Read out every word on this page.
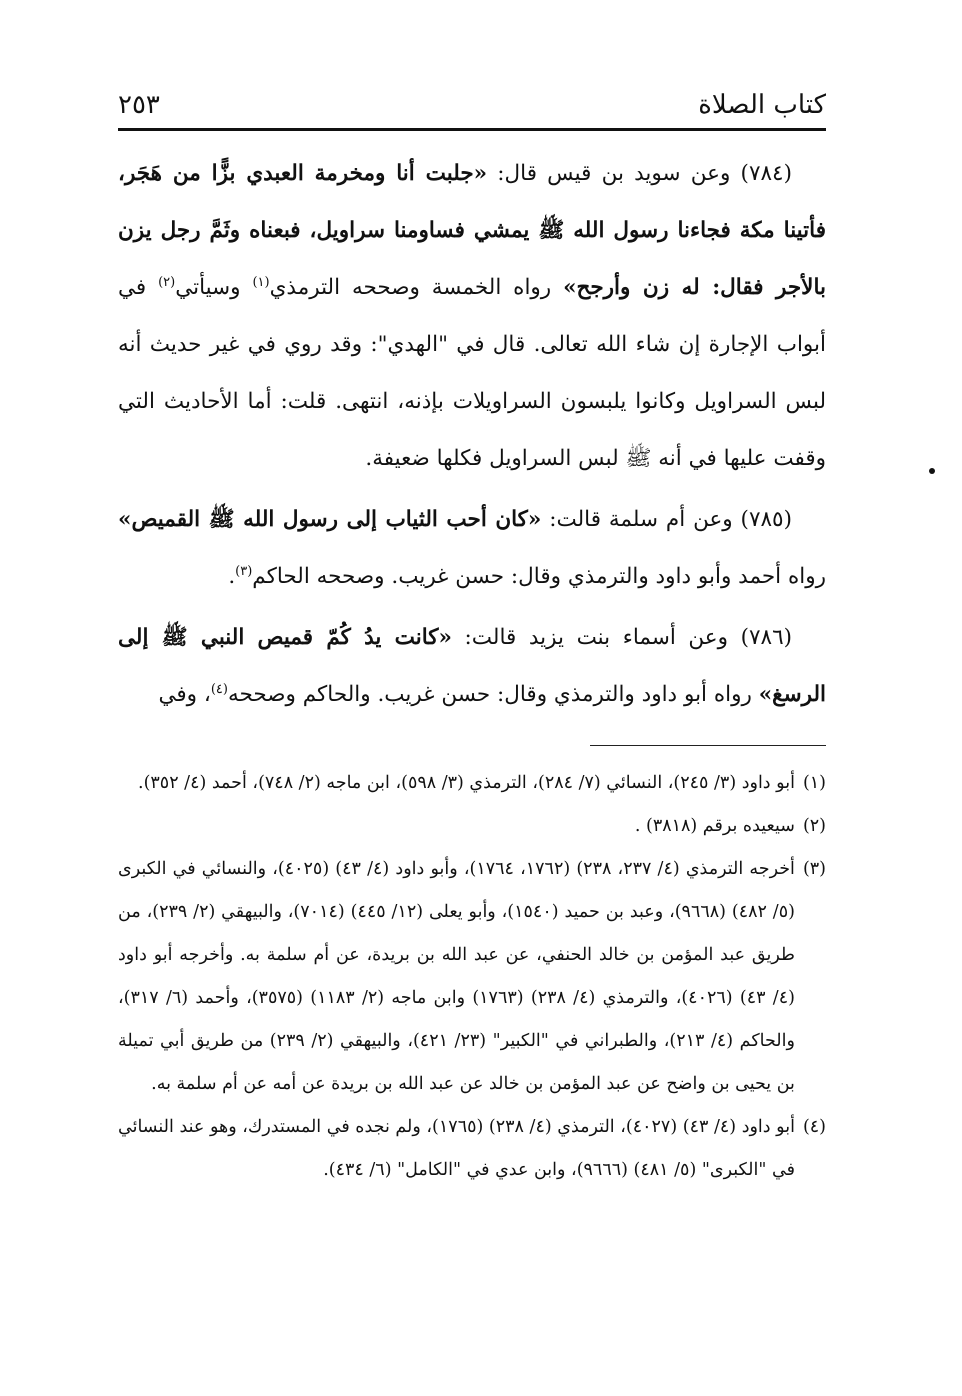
كتاب الصلاة
٢٥٣

(٧٨٤) وعن سويد بن قيس قال: «جلبت أنا ومخرمة العبدي بزًّا من هَجَر، فأتينا مكة فجاءنا رسول الله ﷺ يمشي فساومنا سراويل، فبعناه وثَمَّ رجل يزن بالأجر فقال: له زن وأرجح» رواه الخمسة وصححه الترمذي$^{(١)}$ وسيأتي$^{(٢)}$ في أبواب الإجارة إن شاء الله تعالى. قال في "الهدي": وقد روي في غير حديث أنه لبس السراويل وكانوا يلبسون السراويلات بإذنه، انتهى. قلت: أما الأحاديث التي وقفت عليها في أنه ﷺ لبس السراويل فكلها ضعيفة.

(٧٨٥) وعن أم سلمة قالت: «كان أحب الثياب إلى رسول الله ﷺ القميص» رواه أحمد وأبو داود والترمذي وقال: حسن غريب. وصححه الحاكم$^{(٣)}$.

(٧٨٦) وعن أسماء بنت يزيد قالت: «كانت يدُ كُمّ قميص النبي ﷺ إلى الرسغ» رواه أبو داود والترمذي وقال: حسن غريب. والحاكم وصححه$^{(٤)}$، وفي

(١)
أبو داود (٣/ ٢٤٥)، النسائي (٧/ ٢٨٤)، الترمذي (٣/ ٥٩٨)، ابن ماجه (٢/ ٧٤٨)، أحمد (٤/ ٣٥٢).
(٢)
سيعيده برقم (٣٨١٨) .
(٣)
أخرجه الترمذي (٤/ ٢٣٧، ٢٣٨) (١٧٦٢، ١٧٦٤)، وأبو داود (٤/ ٤٣) (٤٠٢٥)، والنسائي في الكبرى (٥/ ٤٨٢) (٩٦٦٨)، وعبد بن حميد (١٥٤٠)، وأبو يعلى (١٢/ ٤٤٥) (٧٠١٤)، والبيهقي (٢/ ٢٣٩)، من طريق عبد المؤمن بن خالد الحنفي، عن عبد الله بن بريدة، عن أم سلمة به. وأخرجه أبو داود (٤/ ٤٣) (٤٠٢٦)، والترمذي (٤/ ٢٣٨) (١٧٦٣) وابن ماجه (٢/ ١١٨٣) (٣٥٧٥)، وأحمد (٦/ ٣١٧)، والحاكم (٤/ ٢١٣)، والطبراني في "الكبير" (٢٣/ ٤٢١)، والبيهقي (٢/ ٢٣٩) من طريق أبي تميلة بن يحيى بن واضح عن عبد المؤمن بن خالد عن عبد الله بن بريدة عن أمه عن أم سلمة به.
(٤)
أبو داود (٤/ ٤٣) (٤٠٢٧)، الترمذي (٤/ ٢٣٨) (١٧٦٥)، ولم نجده في المستدرك، وهو عند النسائي في "الكبرى" (٥/ ٤٨١) (٩٦٦٦)، وابن عدي في "الكامل" (٦/ ٤٣٤).
